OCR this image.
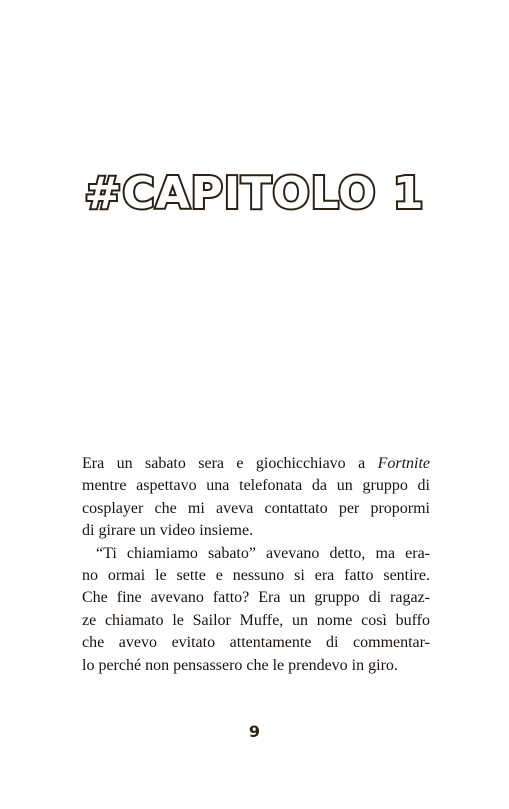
#CAPITOLO 1
Era un sabato sera e giochicchiavo a Fortnite
mentre aspettavo una telefonata da un gruppo di
cosplayer che mi aveva contattato per propormi
di girare un video insieme.
“Ti chiamiamo sabato” avevano detto, ma era-
no ormai le sette e nessuno si era fatto sentire.
Che fine avevano fatto? Era un gruppo di ragaz-
ze chiamato le Sailor Muffe, un nome così buffo
che avevo evitato attentamente di commentar-
lo perché non pensassero che le prendevo in giro.
9
